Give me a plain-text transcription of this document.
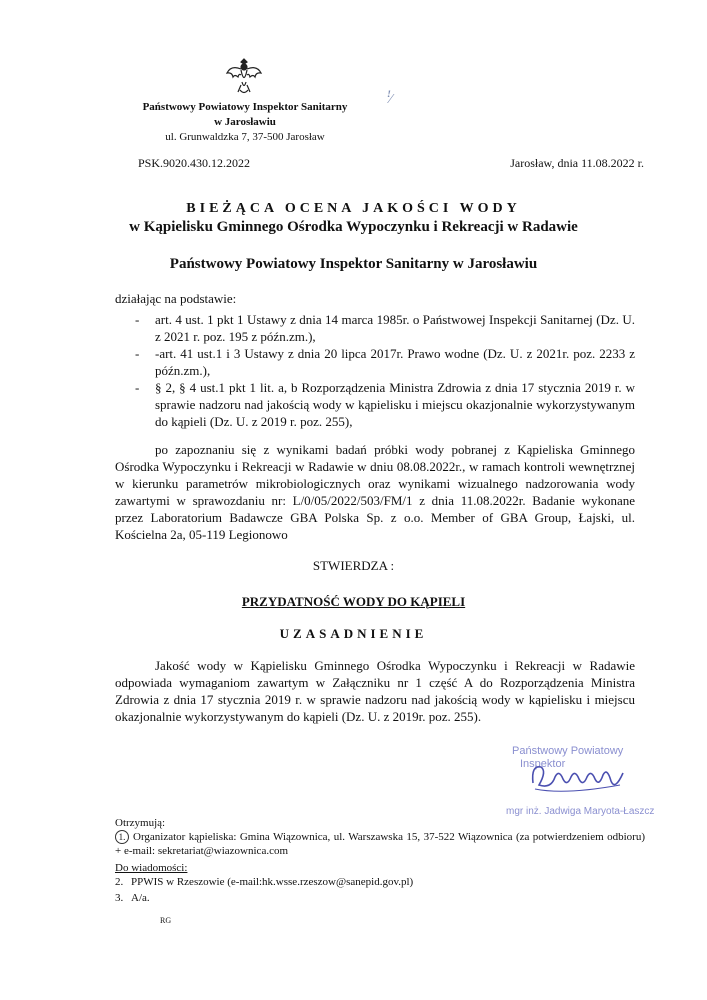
Państwowy Powiatowy Inspektor Sanitarny
w Jarosławiu
ul. Grunwaldzka 7, 37-500 Jarosław
ꜝ⁄
PSK.9020.430.12.2022	Jarosław, dnia 11.08.2022 r.
BIEŻĄCA OCENA JAKOŚCI WODY
w Kąpielisku Gminnego Ośrodka Wypoczynku i Rekreacji w Radawie
Państwowy Powiatowy Inspektor Sanitarny w Jarosławiu
działając na podstawie:
- art. 4 ust. 1 pkt 1 Ustawy z dnia 14 marca 1985r. o Państwowej Inspekcji Sanitarnej (Dz. U. z 2021 r. poz. 195 z późn.zm.),
- -art. 41 ust.1 i 3 Ustawy z dnia 20 lipca 2017r. Prawo wodne (Dz. U. z 2021r. poz. 2233 z późn.zm.),
- § 2, § 4 ust.1 pkt 1 lit. a, b Rozporządzenia Ministra Zdrowia z dnia 17 stycznia 2019 r. w sprawie nadzoru nad jakością wody w kąpielisku i miejscu okazjonalnie wykorzystywanym do kąpieli (Dz. U. z 2019 r. poz. 255),
po zapoznaniu się z wynikami badań próbki wody pobranej z Kąpieliska Gminnego Ośrodka Wypoczynku i Rekreacji w Radawie w dniu 08.08.2022r., w ramach kontroli wewnętrznej w kierunku parametrów mikrobiologicznych oraz wynikami wizualnego nadzorowania wody zawartymi w sprawozdaniu nr: L/0/05/2022/503/FM/1 z dnia 11.08.2022r. Badanie wykonane przez Laboratorium Badawcze GBA Polska Sp. z o.o. Member of GBA Group, Łajski, ul. Kościelna 2a, 05-119 Legionowo
STWIERDZA :
PRZYDATNOŚĆ WODY DO KĄPIELI
UZASADNIENIE
Jakość wody w Kąpielisku Gminnego Ośrodka Wypoczynku i Rekreacji w Radawie odpowiada wymaganiom zawartym w Załączniku nr 1 część A do Rozporządzenia Ministra Zdrowia z dnia 17 stycznia 2019 r. w sprawie nadzoru nad jakością wody w kąpielisku i miejscu okazjonalnie wykorzystywanym do kąpieli (Dz. U. z 2019r. poz. 255).
Państwowy Powiatowy
Inspektor
mgr inż. Jadwiga Maryota-Łaszcz
Otrzymują:
1. Organizator kąpieliska: Gmina Wiązownica, ul. Warszawska 15, 37-522 Wiązownica (za potwierdzeniem odbioru) + e-mail: sekretariat@wiazownica.com
Do wiadomości:
2. PPWIS w Rzeszowie (e-mail:hk.wsse.rzeszow@sanepid.gov.pl)
3. A/a.
RG
